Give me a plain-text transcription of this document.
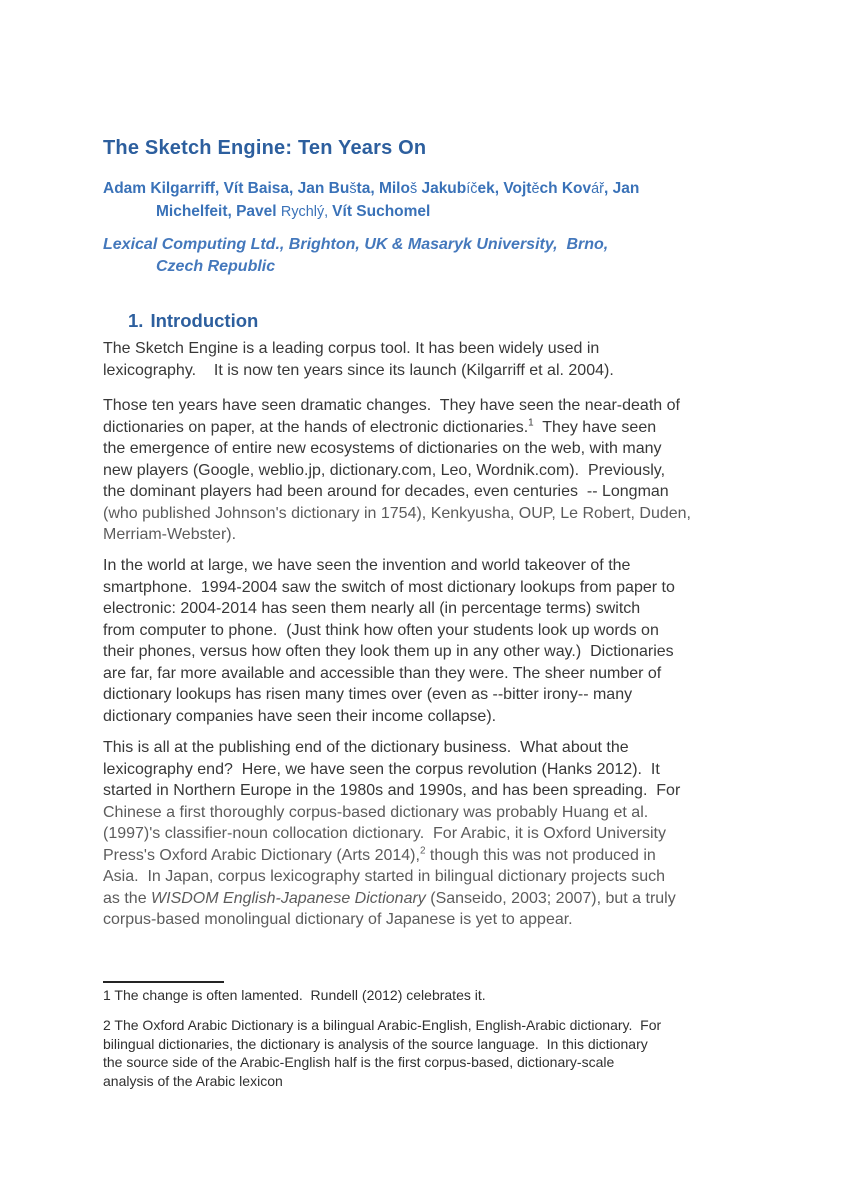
The Sketch Engine: Ten Years On
Adam Kilgarriff, Vít Baisa, Jan Bušta, Miloš Jakubíček, Vojtěch Kovář, Jan
Michelfeit, Pavel Rychlý, Vít Suchomel
Lexical Computing Ltd., Brighton, UK & Masaryk University,  Brno,
Czech Republic
1. Introduction
The Sketch Engine is a leading corpus tool. It has been widely used in
lexicography.    It is now ten years since its launch (Kilgarriff et al. 2004).
Those ten years have seen dramatic changes.  They have seen the near-death of
dictionaries on paper, at the hands of electronic dictionaries.$^1$  They have seen
the emergence of entire new ecosystems of dictionaries on the web, with many
new players (Google, weblio.jp, dictionary.com, Leo, Wordnik.com).  Previously,
the dominant players had been around for decades, even centuries  -- Longman
(who published Johnson's dictionary in 1754), Kenkyusha, OUP, Le Robert, Duden,
Merriam-Webster).
In the world at large, we have seen the invention and world takeover of the
smartphone.  1994-2004 saw the switch of most dictionary lookups from paper to
electronic: 2004-2014 has seen them nearly all (in percentage terms) switch
from computer to phone.  (Just think how often your students look up words on
their phones, versus how often they look them up in any other way.)  Dictionaries
are far, far more available and accessible than they were. The sheer number of
dictionary lookups has risen many times over (even as --bitter irony-- many
dictionary companies have seen their income collapse).
This is all at the publishing end of the dictionary business.  What about the
lexicography end?  Here, we have seen the corpus revolution (Hanks 2012).  It
started in Northern Europe in the 1980s and 1990s, and has been spreading.  For
Chinese a first thoroughly corpus-based dictionary was probably Huang et al.
(1997)'s classifier-noun collocation dictionary.  For Arabic, it is Oxford University
Press's Oxford Arabic Dictionary (Arts 2014),$^2$ though this was not produced in
Asia.  In Japan, corpus lexicography started in bilingual dictionary projects such
as the WISDOM English-Japanese Dictionary (Sanseido, 2003; 2007), but a truly
corpus-based monolingual dictionary of Japanese is yet to appear.
1 The change is often lamented.  Rundell (2012) celebrates it.
2 The Oxford Arabic Dictionary is a bilingual Arabic-English, English-Arabic dictionary.  For
bilingual dictionaries, the dictionary is analysis of the source language.  In this dictionary
the source side of the Arabic-English half is the first corpus-based, dictionary-scale
analysis of the Arabic lexicon
